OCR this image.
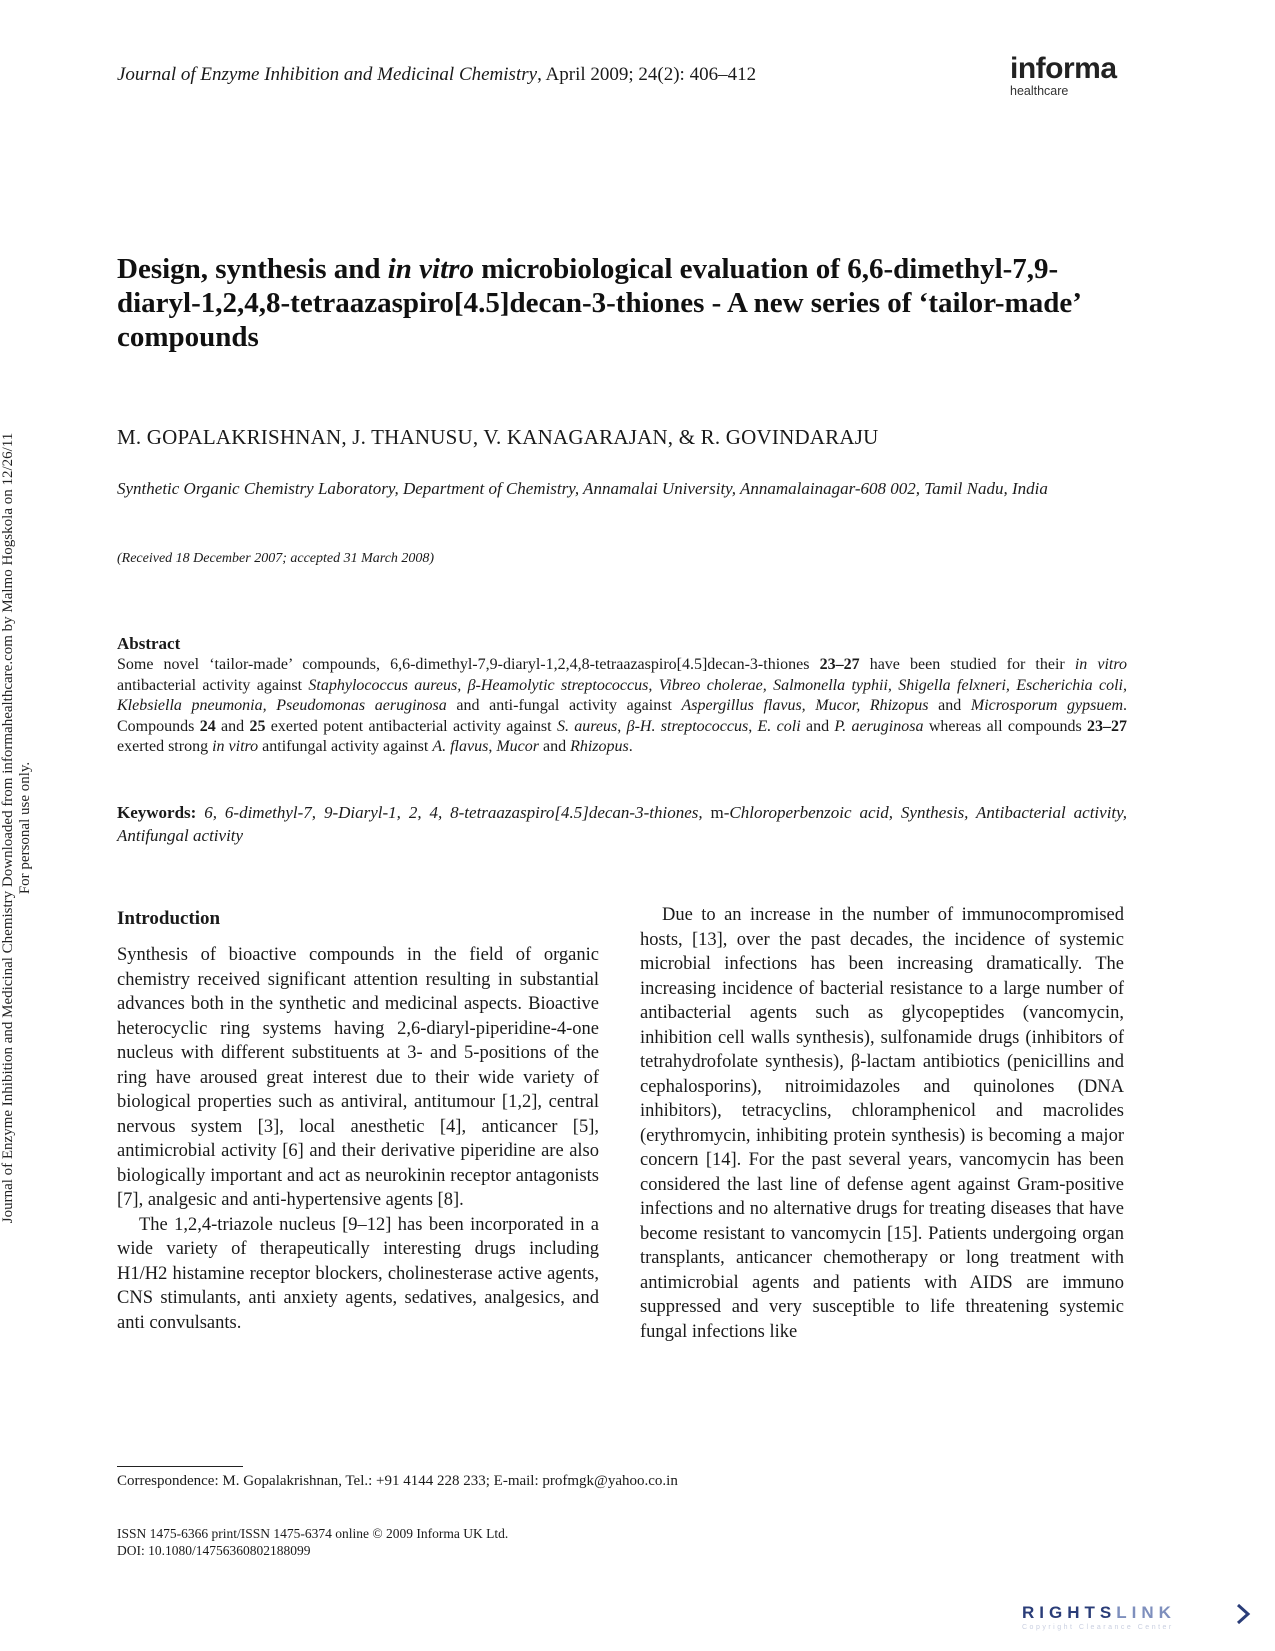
Journal of Enzyme Inhibition and Medicinal Chemistry, April 2009; 24(2): 406–412	informa
healthcare
Journal of Enzyme Inhibition and Medicinal Chemistry Downloaded from informahealthcare.com by Malmo Hogskola on 12/26/11 For personal use only.
Design, synthesis and in vitro microbiological evaluation of 6,6-dimethyl-7,9-diaryl-1,2,4,8-tetraazaspiro[4.5]decan-3-thiones - A new series of ‘tailor-made’ compounds
M. GOPALAKRISHNAN, J. THANUSU, V. KANAGARAJAN, & R. GOVINDARAJU
Synthetic Organic Chemistry Laboratory, Department of Chemistry, Annamalai University, Annamalainagar-608 002, Tamil Nadu, India
(Received 18 December 2007; accepted 31 March 2008)
Abstract
Some novel ‘tailor-made’ compounds, 6,6-dimethyl-7,9-diaryl-1,2,4,8-tetraazaspiro[4.5]decan-3-thiones 23–27 have been studied for their in vitro antibacterial activity against Staphylococcus aureus, β-Heamolytic streptococcus, Vibreo cholerae, Salmonella typhii, Shigella felxneri, Escherichia coli, Klebsiella pneumonia, Pseudomonas aeruginosa and anti-fungal activity against Aspergillus flavus, Mucor, Rhizopus and Microsporum gypsuem. Compounds 24 and 25 exerted potent antibacterial activity against S. aureus, β-H. streptococcus, E. coli and P. aeruginosa whereas all compounds 23–27 exerted strong in vitro antifungal activity against A. flavus, Mucor and Rhizopus.
Keywords: 6, 6-dimethyl-7, 9-Diaryl-1, 2, 4, 8-tetraazaspiro[4.5]decan-3-thiones, m-Chloroperbenzoic acid, Synthesis, Antibacterial activity, Antifungal activity
Introduction

Synthesis of bioactive compounds in the field of organic chemistry received significant attention resulting in substantial advances both in the synthetic and medicinal aspects. Bioactive heterocyclic ring systems having 2,6-diaryl-piperidine-4-one nucleus with different substituents at 3- and 5-positions of the ring have aroused great interest due to their wide variety of biological properties such as antiviral, antitumour [1,2], central nervous system [3], local anesthetic [4], anticancer [5], antimicrobial activity [6] and their derivative piperidine are also biologically important and act as neurokinin receptor antagonists [7], analgesic and anti-hypertensive agents [8].

The 1,2,4-triazole nucleus [9–12] has been incorporated in a wide variety of therapeutically interesting drugs including H1/H2 histamine receptor blockers, cholinesterase active agents, CNS stimulants, anti anxiety agents, sedatives, analgesics, and anti convulsants.

Due to an increase in the number of immunocompromised hosts, [13], over the past decades, the incidence of systemic microbial infections has been increasing dramatically. The increasing incidence of bacterial resistance to a large number of antibacterial agents such as glycopeptides (vancomycin, inhibition cell walls synthesis), sulfonamide drugs (inhibitors of tetrahydrofolate synthesis), β-lactam antibiotics (penicillins and cephalosporins), nitroimidazoles and quinolones (DNA inhibitors), tetracyclins, chloramphenicol and macrolides (erythromycin, inhibiting protein synthesis) is becoming a major concern [14]. For the past several years, vancomycin has been considered the last line of defense agent against Gram-positive infections and no alternative drugs for treating diseases that have become resistant to vancomycin [15]. Patients undergoing organ transplants, anticancer chemotherapy or long treatment with antimicrobial agents and patients with AIDS are immuno suppressed and very susceptible to life threatening systemic fungal infections like

Correspondence: M. Gopalakrishnan, Tel.: +91 4144 228 233; E-mail: profmgk@yahoo.co.in
ISSN 1475-6366 print/ISSN 1475-6374 online © 2009 Informa UK Ltd.
DOI: 10.1080/14756360802188099
RIGHTSLINK
Copyright Clearance Center
